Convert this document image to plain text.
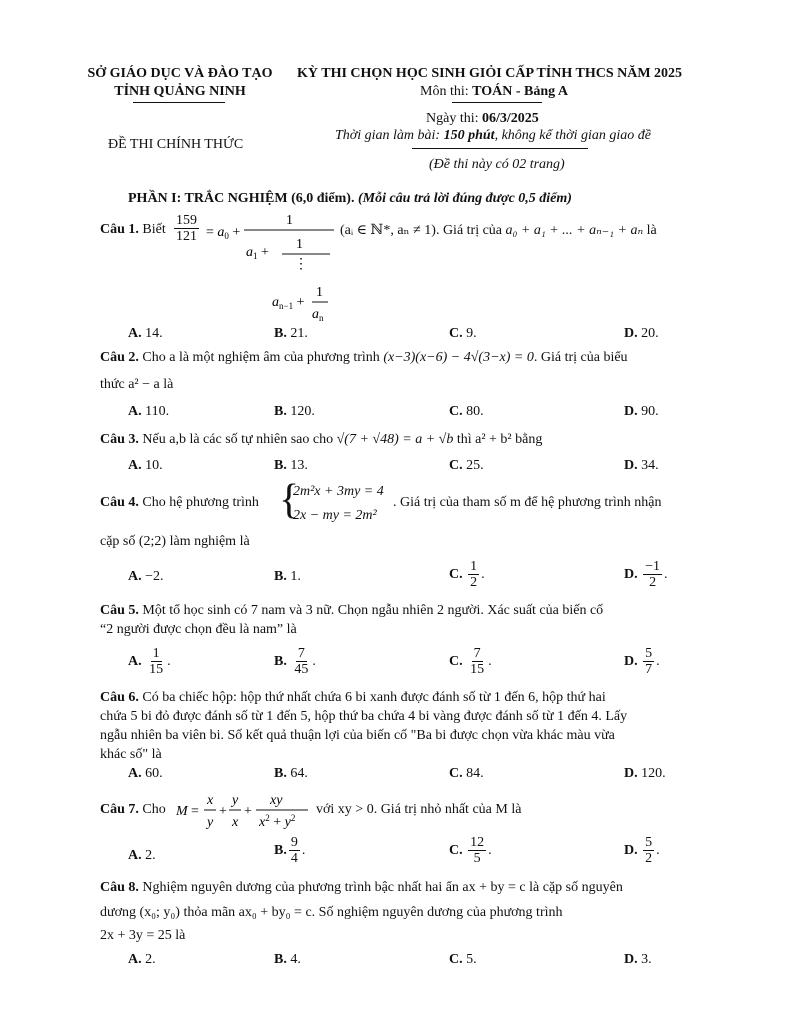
SỞ GIÁO DỤC VÀ ĐÀO TẠO
TỈNH QUẢNG NINH
ĐỀ THI CHÍNH THỨC
KỲ THI CHỌN HỌC SINH GIỎI CẤP TỈNH THCS NĂM 2025
Môn thi: TOÁN - Bảng A
Ngày thi: 06/3/2025
Thời gian làm bài: 150 phút, không kể thời gian giao đề
(Đề thi này có 02 trang)
PHẦN I: TRẮC NGHIỆM (6,0 điểm). (Mỗi câu trả lời đúng được 0,5 điểm)
Câu 1. Biết $\frac{159}{121} = a_0$ +
1
$a_1$ +
1
⋮
$a_{n-1}$ +
1
$a_n$
(aᵢ ∈ ℕ*, aₙ ≠ 1). Giá trị của a₀ + a₁ + ... + aₙ₋₁ + aₙ là
A. 14.	B. 21.	C. 9.	D. 20.
Câu 2. Cho a là một nghiệm âm của phương trình (x−3)(x−6) − 4√(3−x) = 0. Giá trị của biểu
thức a² − a là
A. 110.	B. 120.	C. 80.	D. 90.
Câu 3. Nếu a,b là các số tự nhiên sao cho √(7 + √48) = a + √b thì a² + b² bằng
A. 10.	B. 13.	C. 25.	D. 34.
Câu 4. Cho hệ phương trình {
2m²x + 3my = 4
2x − my = 2m²
. Giá trị của tham số m để hệ phương trình nhận
cặp số (2;2) làm nghiệm là
A. −2.	B. 1.	C. $\frac{1}{2}$ .	D. $\frac{-1}{2}$ .
Câu 5. Một tổ học sinh có 7 nam và 3 nữ. Chọn ngẫu nhiên 2 người. Xác suất của biến cố
“2 người được chọn đều là nam” là
A. $\frac{1}{15}$ .	B. $\frac{7}{45}$ .	C. $\frac{7}{15}$ .	D. $\frac{5}{7}$ .
Câu 6. Có ba chiếc hộp: hộp thứ nhất chứa 6 bi xanh được đánh số từ 1 đến 6, hộp thứ hai
chứa 5 bi đỏ được đánh số từ 1 đến 5, hộp thứ ba chứa 4 bi vàng được đánh số từ 1 đến 4. Lấy
ngẫu nhiên ba viên bi. Số kết quả thuận lợi của biến cố "Ba bi được chọn vừa khác màu vừa
khác số" là
A. 60.	B. 64.	C. 84.	D. 120.
Câu 7. Cho M =
x
y
+
y
x
+
xy
$x^2 + y^2$
với xy > 0. Giá trị nhỏ nhất của M là
A. 2.	B. $\frac{9}{4}$ .	C. $\frac{12}{5}$ .	D. $\frac{5}{2}$ .
Câu 8. Nghiệm nguyên dương của phương trình bậc nhất hai ẩn ax + by = c là cặp số nguyên
dương (x₀; y₀) thỏa mãn ax₀ + by₀ = c. Số nghiệm nguyên dương của phương trình
2x + 3y = 25 là
A. 2.	B. 4.	C. 5.	D. 3.
